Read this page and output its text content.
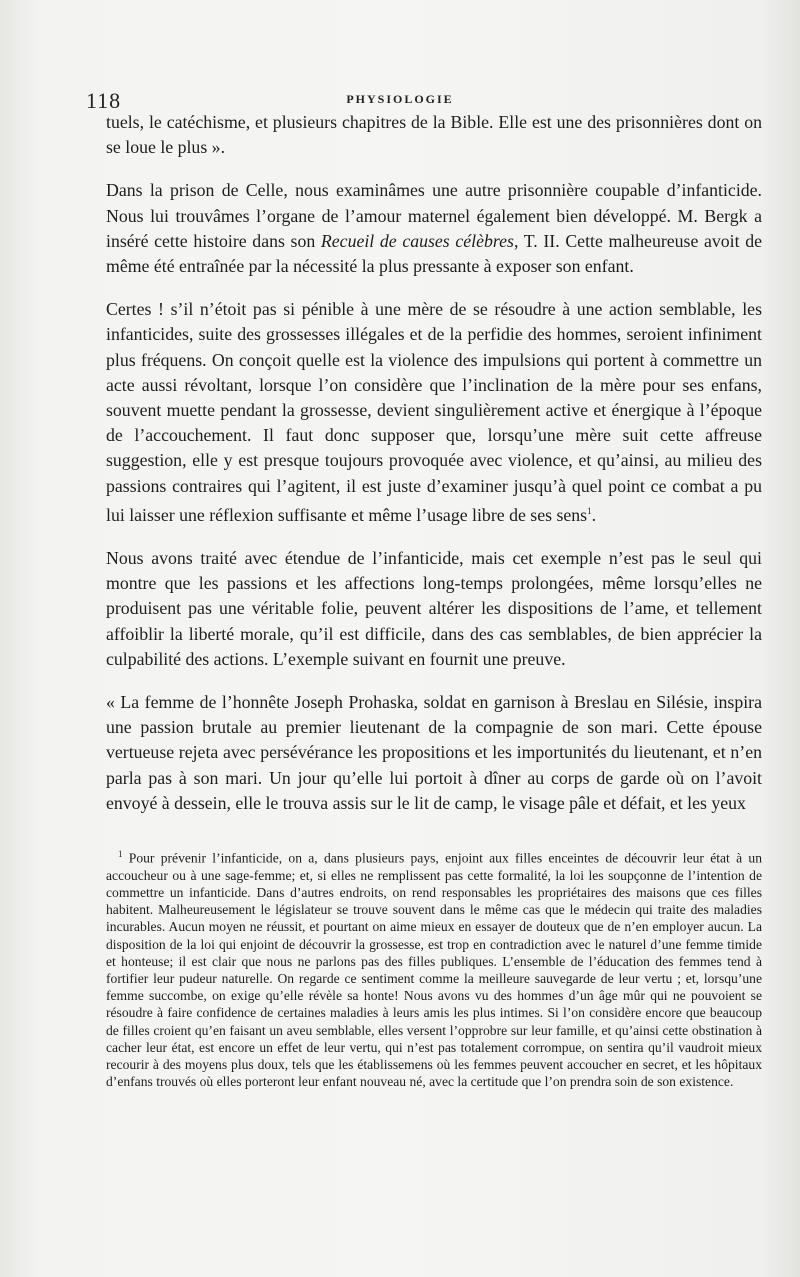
118	PHYSIOLOGIE

tuels, le catéchisme, et plusieurs chapitres de la Bible. Elle est une des prisonnières dont on se loue le plus ».

Dans la prison de Celle, nous examinâmes une autre prisonnière coupable d’infanticide. Nous lui trouvâmes l’organe de l’amour maternel également bien développé. M. Bergk a inséré cette histoire dans son Recueil de causes célèbres, T. II. Cette malheureuse avoit de même été entraînée par la nécessité la plus pressante à exposer son enfant.

Certes ! s’il n’étoit pas si pénible à une mère de se résoudre à une action semblable, les infanticides, suite des grossesses illégales et de la perfidie des hommes, seroient infiniment plus fréquens. On conçoit quelle est la violence des impulsions qui portent à commettre un acte aussi révoltant, lorsque l’on considère que l’inclination de la mère pour ses enfans, souvent muette pendant la grossesse, devient singulièrement active et énergique à l’époque de l’accouchement. Il faut donc supposer que, lorsqu’une mère suit cette affreuse suggestion, elle y est presque toujours provoquée avec violence, et qu’ainsi, au milieu des passions contraires qui l’agitent, il est juste d’examiner jusqu’à quel point ce combat a pu lui laisser une réflexion suffisante et même l’usage libre de ses sens$^1$.

Nous avons traité avec étendue de l’infanticide, mais cet exemple n’est pas le seul qui montre que les passions et les affections long-temps prolongées, même lorsqu’elles ne produisent pas une véritable folie, peuvent altérer les dispositions de l’ame, et tellement affoiblir la liberté morale, qu’il est difficile, dans des cas semblables, de bien apprécier la culpabilité des actions. L’exemple suivant en fournit une preuve.

« La femme de l’honnête Joseph Prohaska, soldat en garnison à Breslau en Silésie, inspira une passion brutale au premier lieutenant de la compagnie de son mari. Cette épouse vertueuse rejeta avec persévérance les propositions et les importunités du lieutenant, et n’en parla pas à son mari. Un jour qu’elle lui portoit à dîner au corps de garde où on l’avoit envoyé à dessein, elle le trouva assis sur le lit de camp, le visage pâle et défait, et les yeux

$^1$ Pour prévenir l’infanticide, on a, dans plusieurs pays, enjoint aux filles enceintes de découvrir leur état à un accoucheur ou à une sage-femme; et, si elles ne remplissent pas cette formalité, la loi les soupçonne de l’intention de commettre un infanticide. Dans d’autres endroits, on rend responsables les propriétaires des maisons que ces filles habitent. Malheureusement le législateur se trouve souvent dans le même cas que le médecin qui traite des maladies incurables. Aucun moyen ne réussit, et pourtant on aime mieux en essayer de douteux que de n’en employer aucun. La disposition de la loi qui enjoint de découvrir la grossesse, est trop en contradiction avec le naturel d’une femme timide et honteuse; il est clair que nous ne parlons pas des filles publiques. L’ensemble de l’éducation des femmes tend à fortifier leur pudeur naturelle. On regarde ce sentiment comme la meilleure sauvegarde de leur vertu ; et, lorsqu’une femme succombe, on exige qu’elle révèle sa honte! Nous avons vu des hommes d’un âge mûr qui ne pouvoient se résoudre à faire confidence de certaines maladies à leurs amis les plus intimes. Si l’on considère encore que beaucoup de filles croient qu’en faisant un aveu semblable, elles versent l’opprobre sur leur famille, et qu’ainsi cette obstination à cacher leur état, est encore un effet de leur vertu, qui n’est pas totalement corrompue, on sentira qu’il vaudroit mieux recourir à des moyens plus doux, tels que les établissemens où les femmes peuvent accoucher en secret, et les hôpitaux d’enfans trouvés où elles porteront leur enfant nouveau né, avec la certitude que l’on prendra soin de son existence.
